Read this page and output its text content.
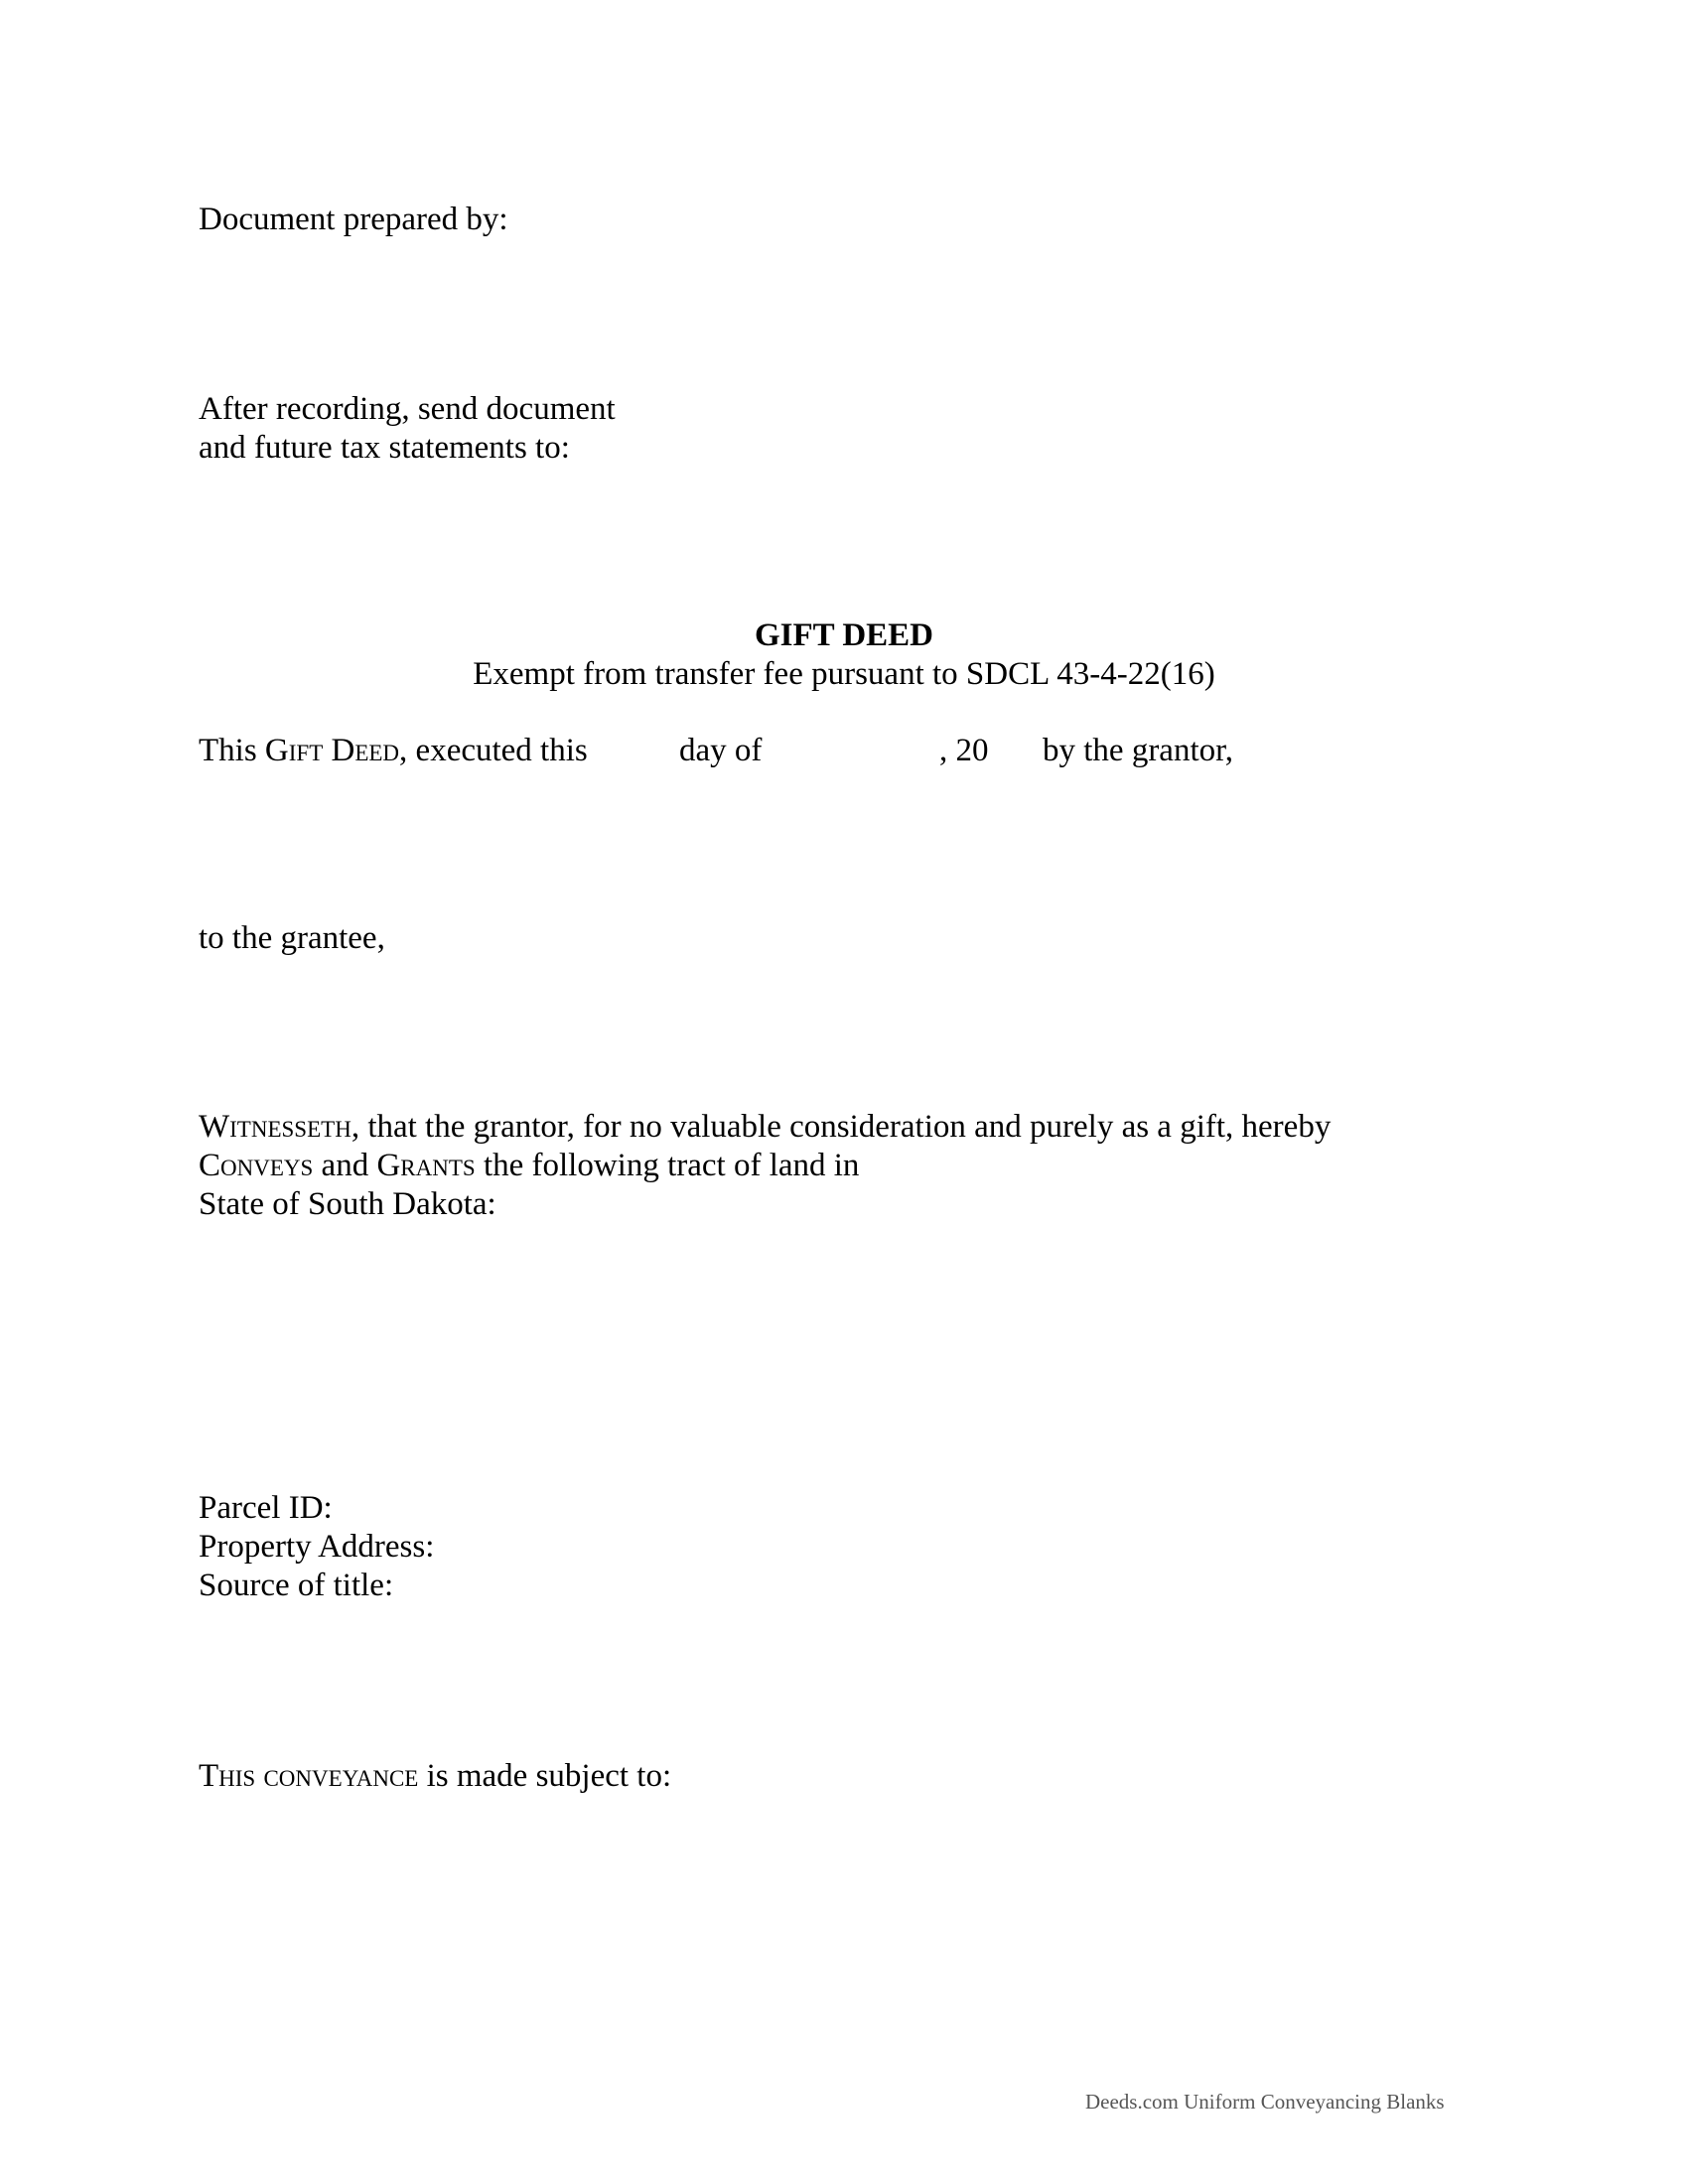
Document prepared by:
After recording, send document
and future tax statements to:
GIFT DEED
Exempt from transfer fee pursuant to SDCL 43-4-22(16)
This Gift Deed, executed this	day of	, 20 by the grantor,
to the grantee,
Witnesseth, that the grantor, for no valuable consideration and purely as a gift, hereby
Conveys and Grants the following tract of land in
State of South Dakota:
Parcel ID:
Property Address:
Source of title:
This conveyance is made subject to:
Deeds.com Uniform Conveyancing Blanks
